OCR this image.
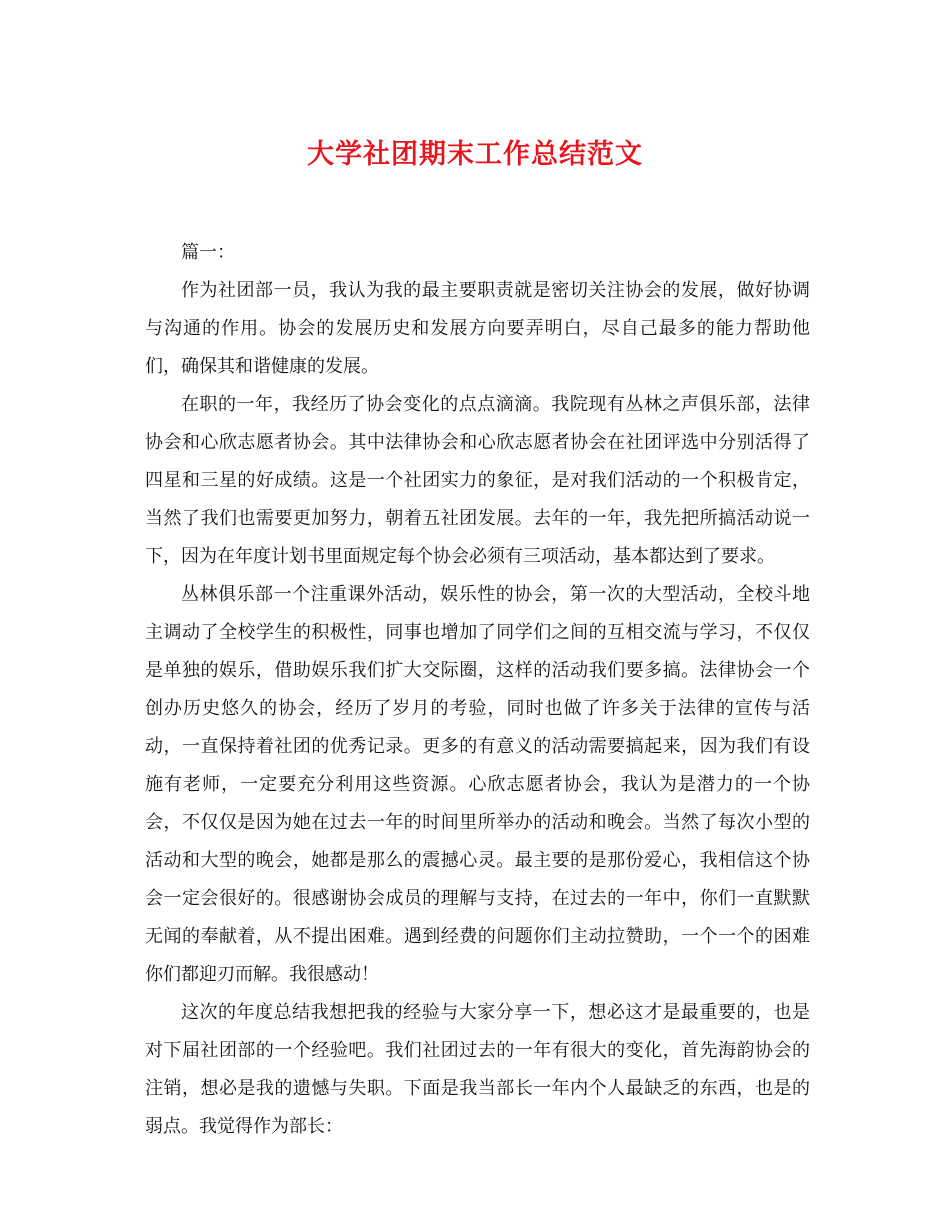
大学社团期末工作总结范文

篇一：

作为社团部一员，我认为我的最主要职责就是密切关注协会的发展，做好协调与沟通的作用。协会的发展历史和发展方向要弄明白，尽自己最多的能力帮助他们，确保其和谐健康的发展。

在职的一年，我经历了协会变化的点点滴滴。我院现有丛林之声俱乐部，法律协会和心欣志愿者协会。其中法律协会和心欣志愿者协会在社团评选中分别活得了四星和三星的好成绩。这是一个社团实力的象征，是对我们活动的一个积极肯定，当然了我们也需要更加努力，朝着五社团发展。去年的一年，我先把所搞活动说一下，因为在年度计划书里面规定每个协会必须有三项活动，基本都达到了要求。

丛林俱乐部一个注重课外活动，娱乐性的协会，第一次的大型活动，全校斗地主调动了全校学生的积极性，同事也增加了同学们之间的互相交流与学习，不仅仅是单独的娱乐，借助娱乐我们扩大交际圈，这样的活动我们要多搞。法律协会一个创办历史悠久的协会，经历了岁月的考验，同时也做了许多关于法律的宣传与活动，一直保持着社团的优秀记录。更多的有意义的活动需要搞起来，因为我们有设施有老师，一定要充分利用这些资源。心欣志愿者协会，我认为是潜力的一个协会，不仅仅是因为她在过去一年的时间里所举办的活动和晚会。当然了每次小型的活动和大型的晚会，她都是那么的震撼心灵。最主要的是那份爱心，我相信这个协会一定会很好的。很感谢协会成员的理解与支持，在过去的一年中，你们一直默默无闻的奉献着，从不提出困难。遇到经费的问题你们主动拉赞助，一个一个的困难你们都迎刃而解。我很感动！

这次的年度总结我想把我的经验与大家分享一下，想必这才是最重要的，也是对下届社团部的一个经验吧。我们社团过去的一年有很大的变化，首先海韵协会的注销，想必是我的遗憾与失职。下面是我当部长一年内个人最缺乏的东西，也是的弱点。我觉得作为部长：
